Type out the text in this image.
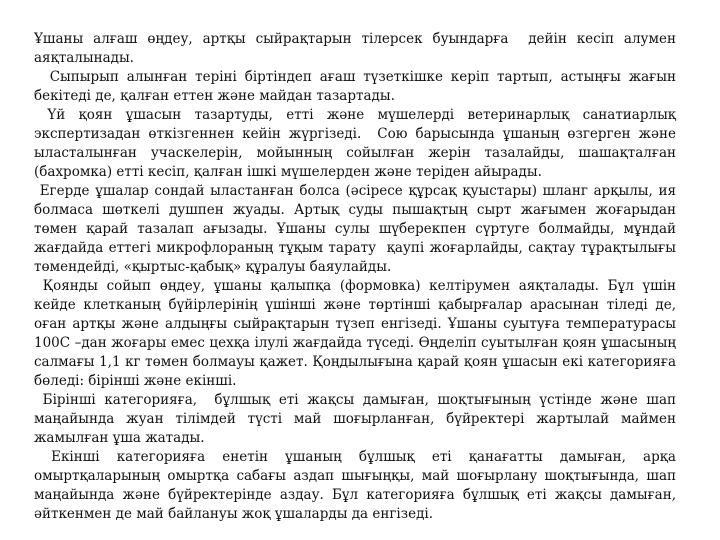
Ұшаны алғаш өңдеу, артқы сыйрақтарын тілерсек буындарға  дейін кесіп алумен аяқталынады.

Сыпырып алынған теріні біртіндеп ағаш түзеткішке керіп тартып, астыңғы жағын бекітеді де, қалған еттен және майдан тазартады.

Үй қоян ұшасын тазартуды, етті және мүшелерді ветеринарлық санатиарлық экспертизадан өткізгеннен кейін жүргізеді.  Сою барысында ұшаның өзгерген және ыласталынған учаскелерін, мойынның сойылған жерін тазалайды, шашақталған (бахромка) етті кесіп, қалған ішкі мүшелерден және теріден айырады.

Егерде ұшалар сондай ыластанған болса (әсіресе құрсақ қуыстары) шланг арқылы, ия болмаса шөткелі душпен жуады. Артық суды пышақтың сырт жағымен жоғарыдан төмен қарай тазалап ағызады. Ұшаны сулы шүберекпен сүртуге болмайды, мұндай жағдайда еттегі микрофлораның тұқым тарату  қаупі жоғарлайды, сақтау тұрақтылығы төмендейді, «қыртыс-қабық» құралуы баяулайды.

Қоянды сойып өңдеу, ұшаны қалыпқа (формовка) келтірумен аяқталады. Бұл үшін кейде клетканың бүйірлерінің үшінші және төртінші қабырғалар арасынан тіледі де, оған артқы және алдыңғы сыйрақтарын түзеп енгізеді. Ұшаны суытуға температурасы 100С –дан жоғары емес цехқа ілулі жағдайда түседі. Өңделіп суытылған қоян ұшасының салмағы 1,1 кг төмен болмауы қажет. Қоңдылығына қарай қоян ұшасын екі категорияға бөледі: бірінші және екінші.

Бірінші категорияға,  бұлшық еті жақсы дамыған, шоқтығының үстінде және шап маңайында жуан тілімдей түсті май шоғырланған, бүйректері жартылай маймен жамылған ұша жатады.

Екінші категорияға енетін ұшаның бұлшық еті қанағатты дамыған, арқа омыртқаларының омыртқа сабағы аздап шығыңқы, май шоғырлану шоқтығында, шап маңайында және бүйректерінде аздау. Бұл категорияға бұлшық еті жақсы дамыған, әйткенмен де май байлануы жоқ ұшаларды да енгізеді.
